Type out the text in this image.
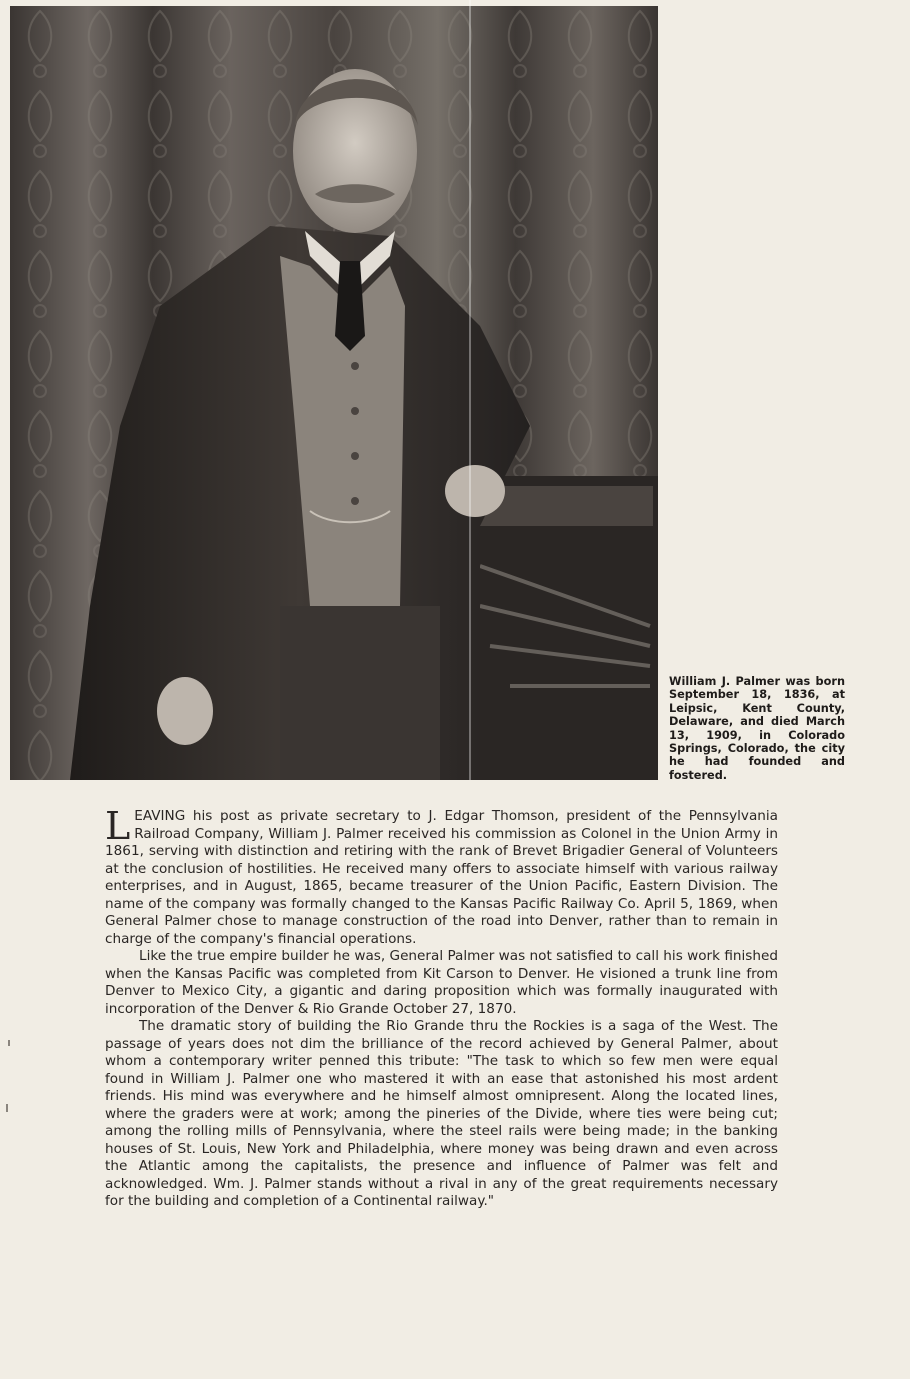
William J. Palmer was born September 18, 1836, at Leipsic, Kent County, Delaware, and died March 13, 1909, in Colorado Springs, Colorado, the city he had founded and fostered.

LEAVING his post as private secretary to J. Edgar Thomson, president of the Pennsylvania Railroad Company, William J. Palmer received his commission as Colonel in the Union Army in 1861, serving with distinction and retiring with the rank of Brevet Brigadier General of Volunteers at the conclusion of hostilities. He received many offers to associate himself with various railway enterprises, and in August, 1865, became treasurer of the Union Pacific, Eastern Division. The name of the company was formally changed to the Kansas Pacific Railway Co. April 5, 1869, when General Palmer chose to manage construction of the road into Denver, rather than to remain in charge of the company's financial operations.

Like the true empire builder he was, General Palmer was not satisfied to call his work finished when the Kansas Pacific was completed from Kit Carson to Denver. He visioned a trunk line from Denver to Mexico City, a gigantic and daring proposition which was formally inaugurated with incorporation of the Denver & Rio Grande October 27, 1870.

The dramatic story of building the Rio Grande thru the Rockies is a saga of the West. The passage of years does not dim the brilliance of the record achieved by General Palmer, about whom a contemporary writer penned this tribute: "The task to which so few men were equal found in William J. Palmer one who mastered it with an ease that astonished his most ardent friends. His mind was everywhere and he himself almost omnipresent. Along the located lines, where the graders were at work; among the pineries of the Divide, where ties were being cut; among the rolling mills of Pennsylvania, where the steel rails were being made; in the banking houses of St. Louis, New York and Philadelphia, where money was being drawn and even across the Atlantic among the capitalists, the presence and influence of Palmer was felt and acknowledged. Wm. J. Palmer stands without a rival in any of the great requirements necessary for the building and completion of a Continental railway."
